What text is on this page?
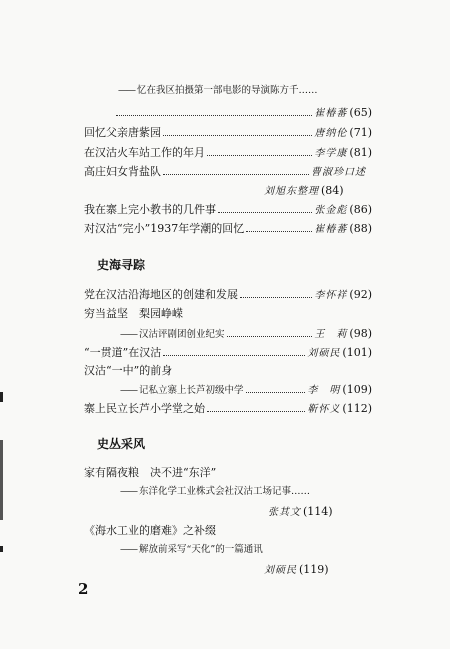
—— 忆在我区拍摄第一部电影的导演陈方千……
崔椿蕃 (65)
回忆父亲唐紫园	唐纳伦 (71)
在汉沽火车站工作的年月	李学康 (81)
高庄妇女背盐队	曹淑珍口述
刘旭东整理 (84)
我在寨上完小教书的几件事	张金彪 (86)
对汉沽“完小”1937年学潮的回忆	崔椿蕃 (88)
史海寻踪
党在汉沽沿海地区的创建和发展	李怀祥 (92)
穷当益坚　梨园峥嵘
—— 汉沽评剧团创业纪实	王　莉 (98)
“一贯道”在汉沽	刘硕民 (101)
汉沽“一中”的前身
—— 记私立寨上长芦初级中学	李　明 (109)
寨上民立长芦小学堂之始	靳怀义 (112)
史丛采风
家有隔夜粮　决不进“东洋”
—— 东洋化学工业株式会社汉沽工场记事……
张其文 (114)
《海水工业的磨难》之补缀
—— 解放前采写“天化”的一篇通讯
刘硕民 (119)
2
